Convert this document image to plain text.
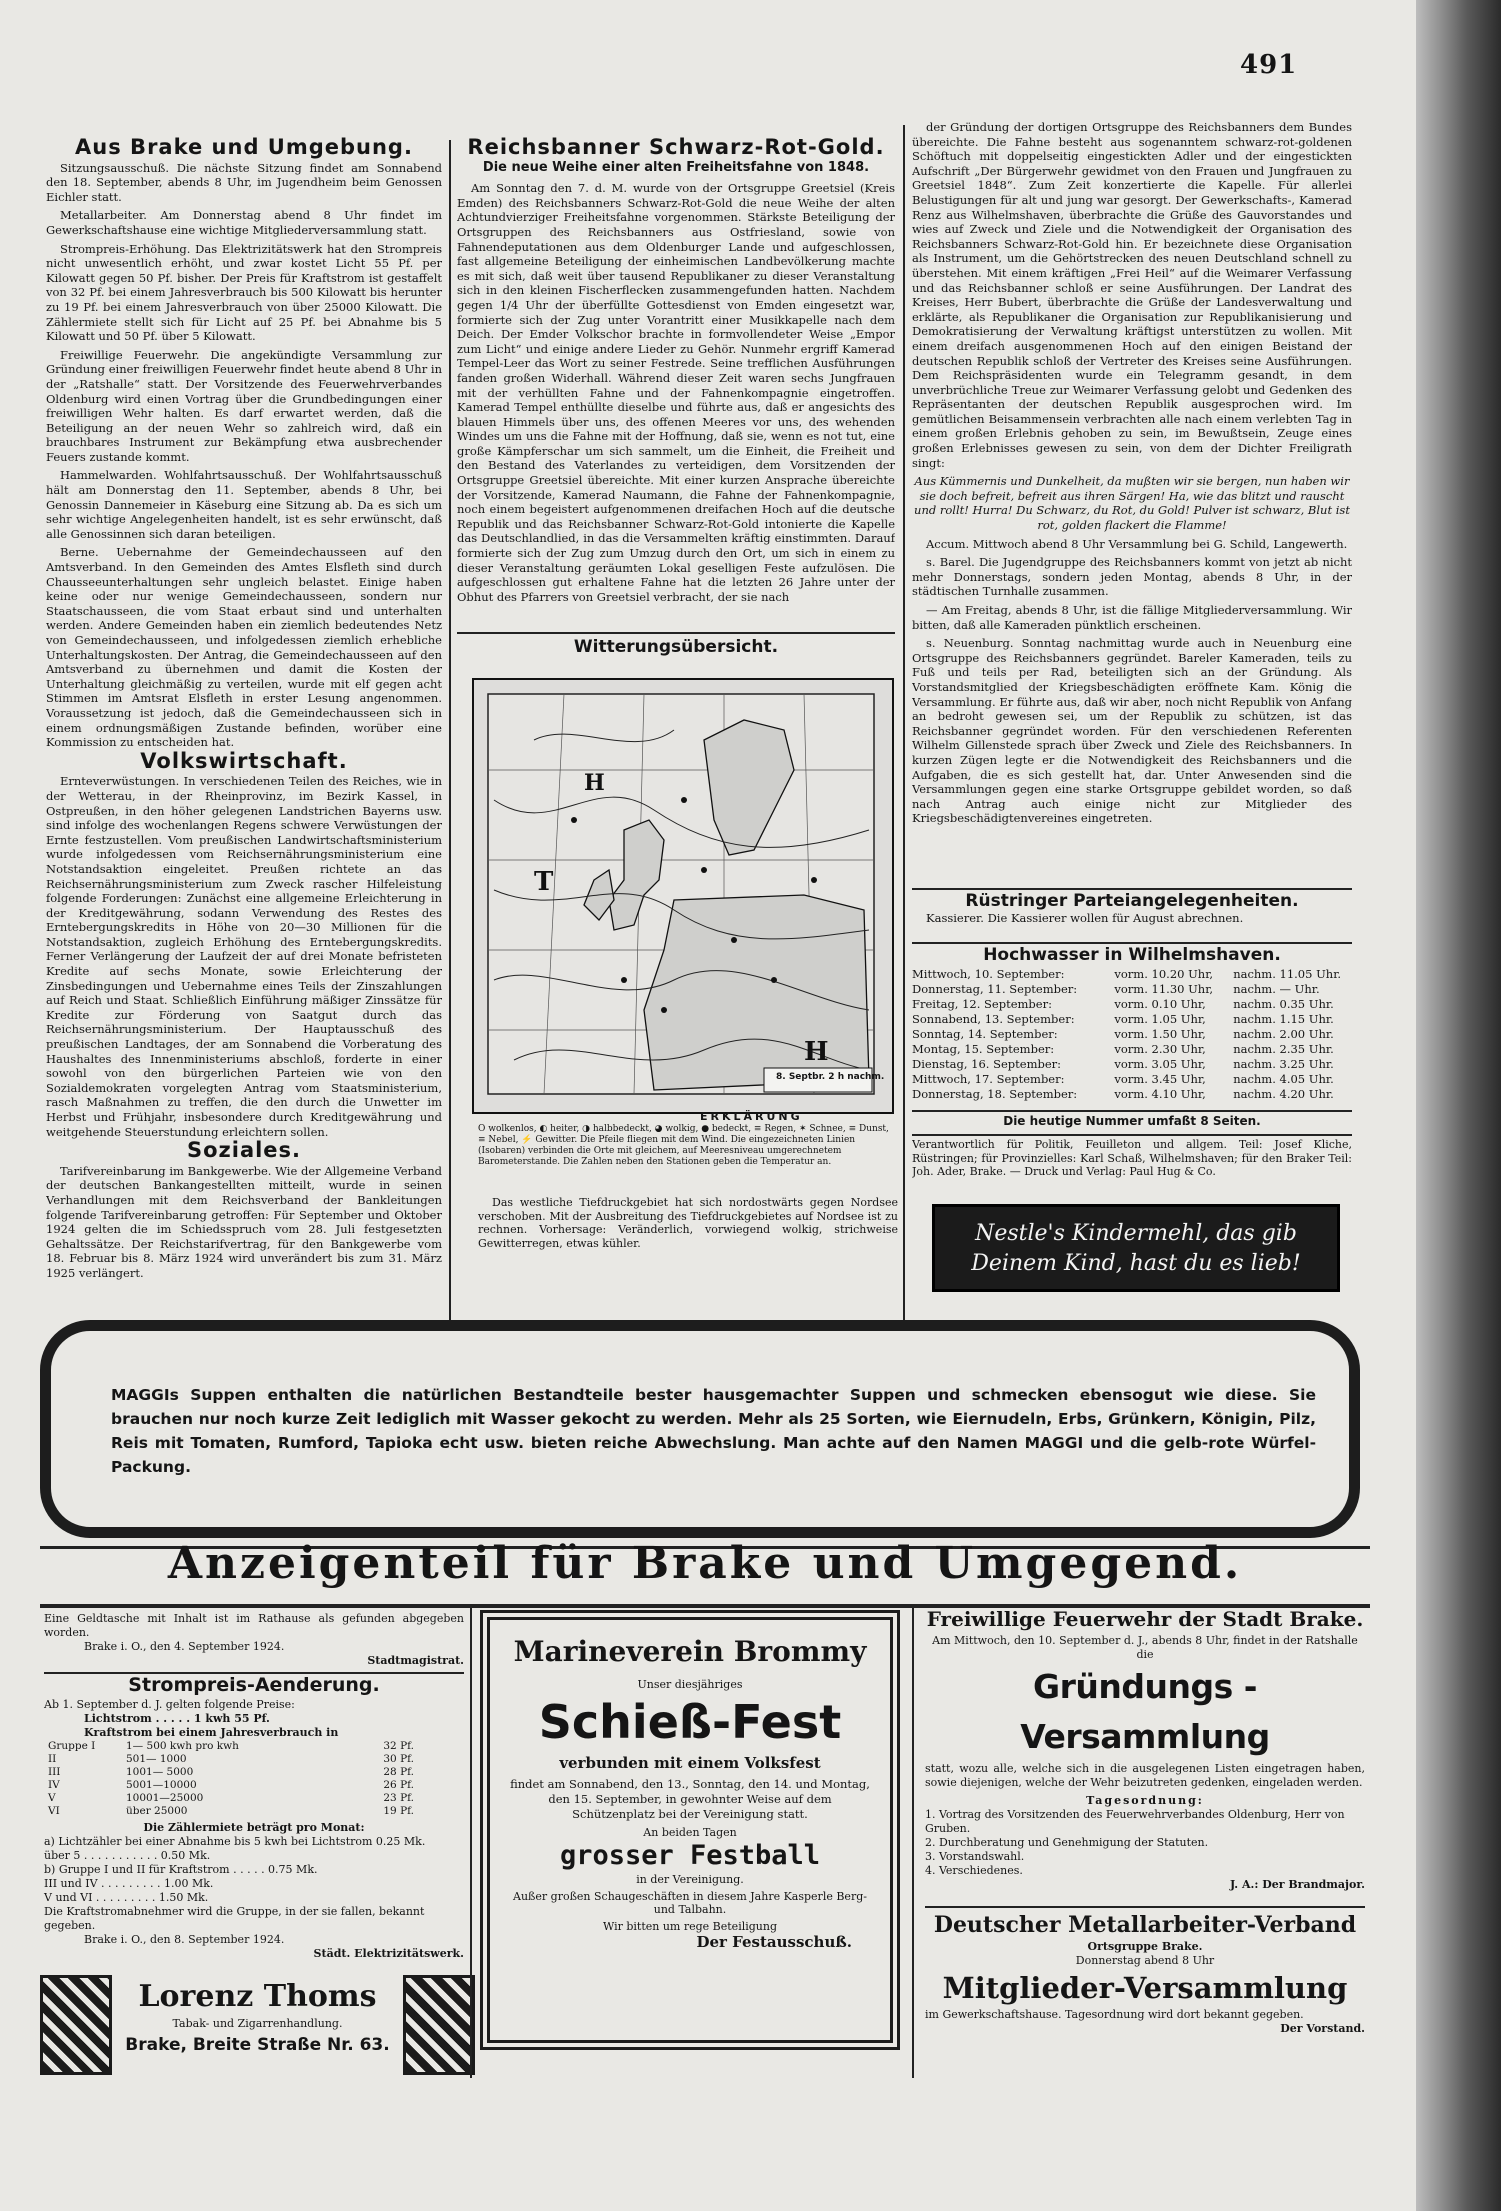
491
Aus Brake und Umgebung.

Sitzungsausschuß. Die nächste Sitzung findet am Sonnabend den 18. September, abends 8 Uhr, im Jugendheim beim Genossen Eichler statt.

Metallarbeiter. Am Donnerstag abend 8 Uhr findet im Gewerkschaftshause eine wichtige Mitgliederversammlung statt.

Strompreis-Erhöhung. Das Elektrizitätswerk hat den Strompreis nicht unwesentlich erhöht, und zwar kostet Licht 55 Pf. per Kilowatt gegen 50 Pf. bisher. Der Preis für Kraftstrom ist gestaffelt von 32 Pf. bei einem Jahresverbrauch bis 500 Kilowatt bis herunter zu 19 Pf. bei einem Jahresverbrauch von über 25000 Kilowatt. Die Zählermiete stellt sich für Licht auf 25 Pf. bei Abnahme bis 5 Kilowatt und 50 Pf. über 5 Kilowatt.

Freiwillige Feuerwehr. Die angekündigte Versammlung zur Gründung einer freiwilligen Feuerwehr findet heute abend 8 Uhr in der „Ratshalle“ statt. Der Vorsitzende des Feuerwehrverbandes Oldenburg wird einen Vortrag über die Grundbedingungen einer freiwilligen Wehr halten. Es darf erwartet werden, daß die Beteiligung an der neuen Wehr so zahlreich wird, daß ein brauchbares Instrument zur Bekämpfung etwa ausbrechender Feuers zustande kommt.

Hammelwarden. Wohlfahrtsausschuß. Der Wohlfahrtsausschuß hält am Donnerstag den 11. September, abends 8 Uhr, bei Genossin Dannemeier in Käseburg eine Sitzung ab. Da es sich um sehr wichtige Angelegenheiten handelt, ist es sehr erwünscht, daß alle Genossinnen sich daran beteiligen.

Berne. Uebernahme der Gemeindechausseen auf den Amtsverband. In den Gemeinden des Amtes Elsfleth sind durch Chausseeunterhaltungen sehr ungleich belastet. Einige haben keine oder nur wenige Gemeindechausseen, sondern nur Staatschausseen, die vom Staat erbaut sind und unterhalten werden. Andere Gemeinden haben ein ziemlich bedeutendes Netz von Gemeindechausseen, und infolgedessen ziemlich erhebliche Unterhaltungskosten. Der Antrag, die Gemeindechausseen auf den Amtsverband zu übernehmen und damit die Kosten der Unterhaltung gleichmäßig zu verteilen, wurde mit elf gegen acht Stimmen im Amtsrat Elsfleth in erster Lesung angenommen. Voraussetzung ist jedoch, daß die Gemeindechausseen sich in einem ordnungsmäßigen Zustande befinden, worüber eine Kommission zu entscheiden hat.

Volkswirtschaft.

Ernteverwüstungen. In verschiedenen Teilen des Reiches, wie in der Wetterau, in der Rheinprovinz, im Bezirk Kassel, in Ostpreußen, in den höher gelegenen Landstrichen Bayerns usw. sind infolge des wochenlangen Regens schwere Verwüstungen der Ernte festzustellen. Vom preußischen Landwirtschaftsministerium wurde infolgedessen vom Reichsernährungsministerium eine Notstandsaktion eingeleitet. Preußen richtete an das Reichsernährungsministerium zum Zweck rascher Hilfeleistung folgende Forderungen: Zunächst eine allgemeine Erleichterung in der Kreditgewährung, sodann Verwendung des Restes des Erntebergungskredits in Höhe von 20—30 Millionen für die Notstandsaktion, zugleich Erhöhung des Erntebergungskredits. Ferner Verlängerung der Laufzeit der auf drei Monate befristeten Kredite auf sechs Monate, sowie Erleichterung der Zinsbedingungen und Uebernahme eines Teils der Zinszahlungen auf Reich und Staat. Schließlich Einführung mäßiger Zinssätze für Kredite zur Förderung von Saatgut durch das Reichsernährungsministerium. Der Hauptausschuß des preußischen Landtages, der am Sonnabend die Vorberatung des Haushaltes des Innenministeriums abschloß, forderte in einer sowohl von den bürgerlichen Parteien wie von den Sozialdemokraten vorgelegten Antrag vom Staatsministerium, rasch Maßnahmen zu treffen, die den durch die Unwetter im Herbst und Frühjahr, insbesondere durch Kreditgewährung und weitgehende Steuerstundung erleichtern sollen.

Soziales.

Tarifvereinbarung im Bankgewerbe. Wie der Allgemeine Verband der deutschen Bankangestellten mitteilt, wurde in seinen Verhandlungen mit dem Reichsverband der Bankleitungen folgende Tarifvereinbarung getroffen: Für September und Oktober 1924 gelten die im Schiedsspruch vom 28. Juli festgesetzten Gehaltssätze. Der Reichstarifvertrag, für den Bankgewerbe vom 18. Februar bis 8. März 1924 wird unverändert bis zum 31. März 1925 verlängert.

Reichsbanner Schwarz-Rot-Gold.
Die neue Weihe einer alten Freiheitsfahne von 1848.

Am Sonntag den 7. d. M. wurde von der Ortsgruppe Greetsiel (Kreis Emden) des Reichsbanners Schwarz-Rot-Gold die neue Weihe der alten Achtundvierziger Freiheitsfahne vorgenommen. Stärkste Beteiligung der Ortsgruppen des Reichsbanners aus Ostfriesland, sowie von Fahnendeputationen aus dem Oldenburger Lande und aufgeschlossen, fast allgemeine Beteiligung der einheimischen Landbevölkerung machte es mit sich, daß weit über tausend Republikaner zu dieser Veranstaltung sich in den kleinen Fischerflecken zusammengefunden hatten. Nachdem gegen 1/4 Uhr der überfüllte Gottesdienst von Emden eingesetzt war, formierte sich der Zug unter Vorantritt einer Musikkapelle nach dem Deich. Der Emder Volkschor brachte in formvollendeter Weise „Empor zum Licht“ und einige andere Lieder zu Gehör. Nunmehr ergriff Kamerad Tempel-Leer das Wort zu seiner Festrede. Seine trefflichen Ausführungen fanden großen Widerhall. Während dieser Zeit waren sechs Jungfrauen mit der verhüllten Fahne und der Fahnenkompagnie eingetroffen. Kamerad Tempel enthüllte dieselbe und führte aus, daß er angesichts des blauen Himmels über uns, des offenen Meeres vor uns, des wehenden Windes um uns die Fahne mit der Hoffnung, daß sie, wenn es not tut, eine große Kämpferschar um sich sammelt, um die Einheit, die Freiheit und den Bestand des Vaterlandes zu verteidigen, dem Vorsitzenden der Ortsgruppe Greetsiel übereichte. Mit einer kurzen Ansprache übereichte der Vorsitzende, Kamerad Naumann, die Fahne der Fahnenkompagnie, noch einem begeistert aufgenommenen dreifachen Hoch auf die deutsche Republik und das Reichsbanner Schwarz-Rot-Gold intonierte die Kapelle das Deutschlandlied, in das die Versammelten kräftig einstimmten. Darauf formierte sich der Zug zum Umzug durch den Ort, um sich in einem zu dieser Veranstaltung geräumten Lokal geselligen Feste aufzulösen. Die aufgeschlossen gut erhaltene Fahne hat die letzten 26 Jahre unter der Obhut des Pfarrers von Greetsiel verbracht, der sie nach

Witterungsübersicht.
T
H
H
8. Septbr. 2 h nachm.
ERKLÄRUNG
O wolkenlos, ◐ heiter, ◑ halbbedeckt, ◕ wolkig, ● bedeckt, ≡ Regen, ✶ Schnee, ≡ Dunst, ≡ Nebel, ⚡ Gewitter. Die Pfeile fliegen mit dem Wind. Die eingezeichneten Linien (Isobaren) verbinden die Orte mit gleichem, auf Meeresniveau umgerechnetem Barometerstande. Die Zahlen neben den Stationen geben die Temperatur an.

Das westliche Tiefdruckgebiet hat sich nordostwärts gegen Nordsee verschoben. Mit der Ausbreitung des Tiefdruckgebietes auf Nordsee ist zu rechnen. Vorhersage: Veränderlich, vorwiegend wolkig, strichweise Gewitterregen, etwas kühler.

der Gründung der dortigen Ortsgruppe des Reichsbanners dem Bundes übereichte. Die Fahne besteht aus sogenanntem schwarz-rot-goldenen Schöftuch mit doppelseitig eingestickten Adler und der eingestickten Aufschrift „Der Bürgerwehr gewidmet von den Frauen und Jungfrauen zu Greetsiel 1848“. Zum Zeit konzertierte die Kapelle. Für allerlei Belustigungen für alt und jung war gesorgt. Der Gewerkschafts-, Kamerad Renz aus Wilhelmshaven, überbrachte die Grüße des Gauvorstandes und wies auf Zweck und Ziele und die Notwendigkeit der Organisation des Reichsbanners Schwarz-Rot-Gold hin. Er bezeichnete diese Organisation als Instrument, um die Gehörtstrecken des neuen Deutschland schnell zu überstehen. Mit einem kräftigen „Frei Heil“ auf die Weimarer Verfassung und das Reichsbanner schloß er seine Ausführungen. Der Landrat des Kreises, Herr Bubert, überbrachte die Grüße der Landesverwaltung und erklärte, als Republikaner die Organisation zur Republikanisierung und Demokratisierung der Verwaltung kräftigst unterstützen zu wollen. Mit einem dreifach ausgenommenen Hoch auf den einigen Beistand der deutschen Republik schloß der Vertreter des Kreises seine Ausführungen. Dem Reichspräsidenten wurde ein Telegramm gesandt, in dem unverbrüchliche Treue zur Weimarer Verfassung gelobt und Gedenken des Repräsentanten der deutschen Republik ausgesprochen wird. Im gemütlichen Beisammensein verbrachten alle nach einem verlebten Tag in einem großen Erlebnis gehoben zu sein, im Bewußtsein, Zeuge eines großen Erlebnisses gewesen zu sein, von dem der Dichter Freiligrath singt:

Aus Kümmernis und Dunkelheit, da mußten wir sie bergen, nun haben wir sie doch befreit, befreit aus ihren Särgen! Ha, wie das blitzt und rauscht und rollt! Hurra! Du Schwarz, du Rot, du Gold! Pulver ist schwarz, Blut ist rot, golden flackert die Flamme!

Accum. Mittwoch abend 8 Uhr Versammlung bei G. Schild, Langewerth.

s. Barel. Die Jugendgruppe des Reichsbanners kommt von jetzt ab nicht mehr Donnerstags, sondern jeden Montag, abends 8 Uhr, in der städtischen Turnhalle zusammen.

— Am Freitag, abends 8 Uhr, ist die fällige Mitgliederversammlung. Wir bitten, daß alle Kameraden pünktlich erscheinen.

s. Neuenburg. Sonntag nachmittag wurde auch in Neuenburg eine Ortsgruppe des Reichsbanners gegründet. Bareler Kameraden, teils zu Fuß und teils per Rad, beteiligten sich an der Gründung. Als Vorstandsmitglied der Kriegsbeschädigten eröffnete Kam. König die Versammlung. Er führte aus, daß wir aber, noch nicht Republik von Anfang an bedroht gewesen sei, um der Republik zu schützen, ist das Reichsbanner gegründet worden. Für den verschiedenen Referenten Wilhelm Gillenstede sprach über Zweck und Ziele des Reichsbanners. In kurzen Zügen legte er die Notwendigkeit des Reichsbanners und die Aufgaben, die es sich gestellt hat, dar. Unter Anwesenden sind die Versammlungen gegen eine starke Ortsgruppe gebildet worden, so daß nach Antrag auch einige nicht zur Mitglieder des Kriegsbeschädigtenvereines eingetreten.

Rüstringer Parteiangelegenheiten.

Kassierer. Die Kassierer wollen für August abrechnen.

Hochwasser in Wilhelmshaven.
Mittwoch, 10. September:	vorm. 10.20 Uhr,	nachm. 11.05 Uhr.
Donnerstag, 11. September:	vorm. 11.30 Uhr,	nachm. — Uhr.
Freitag, 12. September:	vorm. 0.10 Uhr,	nachm. 0.35 Uhr.
Sonnabend, 13. September:	vorm. 1.05 Uhr,	nachm. 1.15 Uhr.
Sonntag, 14. September:	vorm. 1.50 Uhr,	nachm. 2.00 Uhr.
Montag, 15. September:	vorm. 2.30 Uhr,	nachm. 2.35 Uhr.
Dienstag, 16. September:	vorm. 3.05 Uhr,	nachm. 3.25 Uhr.
Mittwoch, 17. September:	vorm. 3.45 Uhr,	nachm. 4.05 Uhr.
Donnerstag, 18. September:	vorm. 4.10 Uhr,	nachm. 4.20 Uhr.
Die heutige Nummer umfaßt 8 Seiten.

Verantwortlich für Politik, Feuilleton und allgem. Teil: Josef Kliche, Rüstringen; für Provinzielles: Karl Schaß, Wilhelmshaven; für den Braker Teil: Joh. Ader, Brake. — Druck und Verlag: Paul Hug & Co.

Nestle's Kindermehl, das gib
Deinem Kind, hast du es lieb!
MAGGIs Suppen enthalten die natürlichen Bestandteile bester hausgemachter Suppen und schmecken ebensogut wie diese. Sie brauchen nur noch kurze Zeit lediglich mit Wasser gekocht zu werden. Mehr als 25 Sorten, wie Eiernudeln, Erbs, Grünkern, Königin, Pilz, Reis mit Tomaten, Rumford, Tapioka echt usw. bieten reiche Abwechslung. Man achte auf den Namen MAGGI und die gelb-rote Würfel-Packung.
Anzeigenteil für Brake und Umgegend.
Eine Geldtasche mit Inhalt ist im Rathause als gefunden abgegeben worden.
Brake i. O., den 4. September 1924.
Stadtmagistrat.
Strompreis-Aenderung.
Ab 1. September d. J. gelten folgende Preise:
Lichtstrom . . . . . 1 kwh 55 Pf.
Kraftstrom bei einem Jahresverbrauch in
Gruppe I	1— 500 kwh pro kwh	32 Pf.
II	501— 1000	30 Pf.
III	1001— 5000	28 Pf.
IV	5001—10000	26 Pf.
V	10001—25000	23 Pf.
VI	über 25000	19 Pf.
Die Zählermiete beträgt pro Monat:
a) Lichtzähler bei einer Abnahme bis 5 kwh bei Lichtstrom 0.25 Mk.
über 5 . . . . . . . . . . . 0.50 Mk.
b) Gruppe I und II für Kraftstrom . . . . . 0.75 Mk.
III und IV . . . . . . . . . 1.00 Mk.
V und VI . . . . . . . . . 1.50 Mk.
Die Kraftstromabnehmer wird die Gruppe, in der sie fallen, bekannt gegeben.
Brake i. O., den 8. September 1924.
Städt. Elektrizitätswerk.
Lorenz Thoms
Tabak- und Zigarrenhandlung.
Brake, Breite Straße Nr. 63.
Marineverein Brommy
Unser diesjähriges
Schieß-Fest
verbunden mit einem Volksfest
findet am Sonnabend, den 13., Sonntag, den 14. und Montag, den 15. September, in gewohnter Weise auf dem Schützenplatz bei der Vereinigung statt.
An beiden Tagen
grosser Festball
in der Vereinigung.
Außer großen Schaugeschäften in diesem Jahre Kasperle Berg- und Talbahn.
Wir bitten um rege Beteiligung
Der Festausschuß.
Freiwillige Feuerwehr der Stadt Brake.
Am Mittwoch, den 10. September d. J., abends 8 Uhr, findet in der Ratshalle die
Gründungs - Versammlung
statt, wozu alle, welche sich in die ausgelegenen Listen eingetragen haben, sowie diejenigen, welche der Wehr beizutreten gedenken, eingeladen werden.
Tagesordnung:
1. Vortrag des Vorsitzenden des Feuerwehrverbandes Oldenburg, Herr von Gruben.
2. Durchberatung und Genehmigung der Statuten.
3. Vorstandswahl.
4. Verschiedenes.
J. A.: Der Brandmajor.
Deutscher Metallarbeiter-Verband
Ortsgruppe Brake.
Donnerstag abend 8 Uhr
Mitglieder-Versammlung
im Gewerkschaftshause. Tagesordnung wird dort bekannt gegeben.
Der Vorstand.
